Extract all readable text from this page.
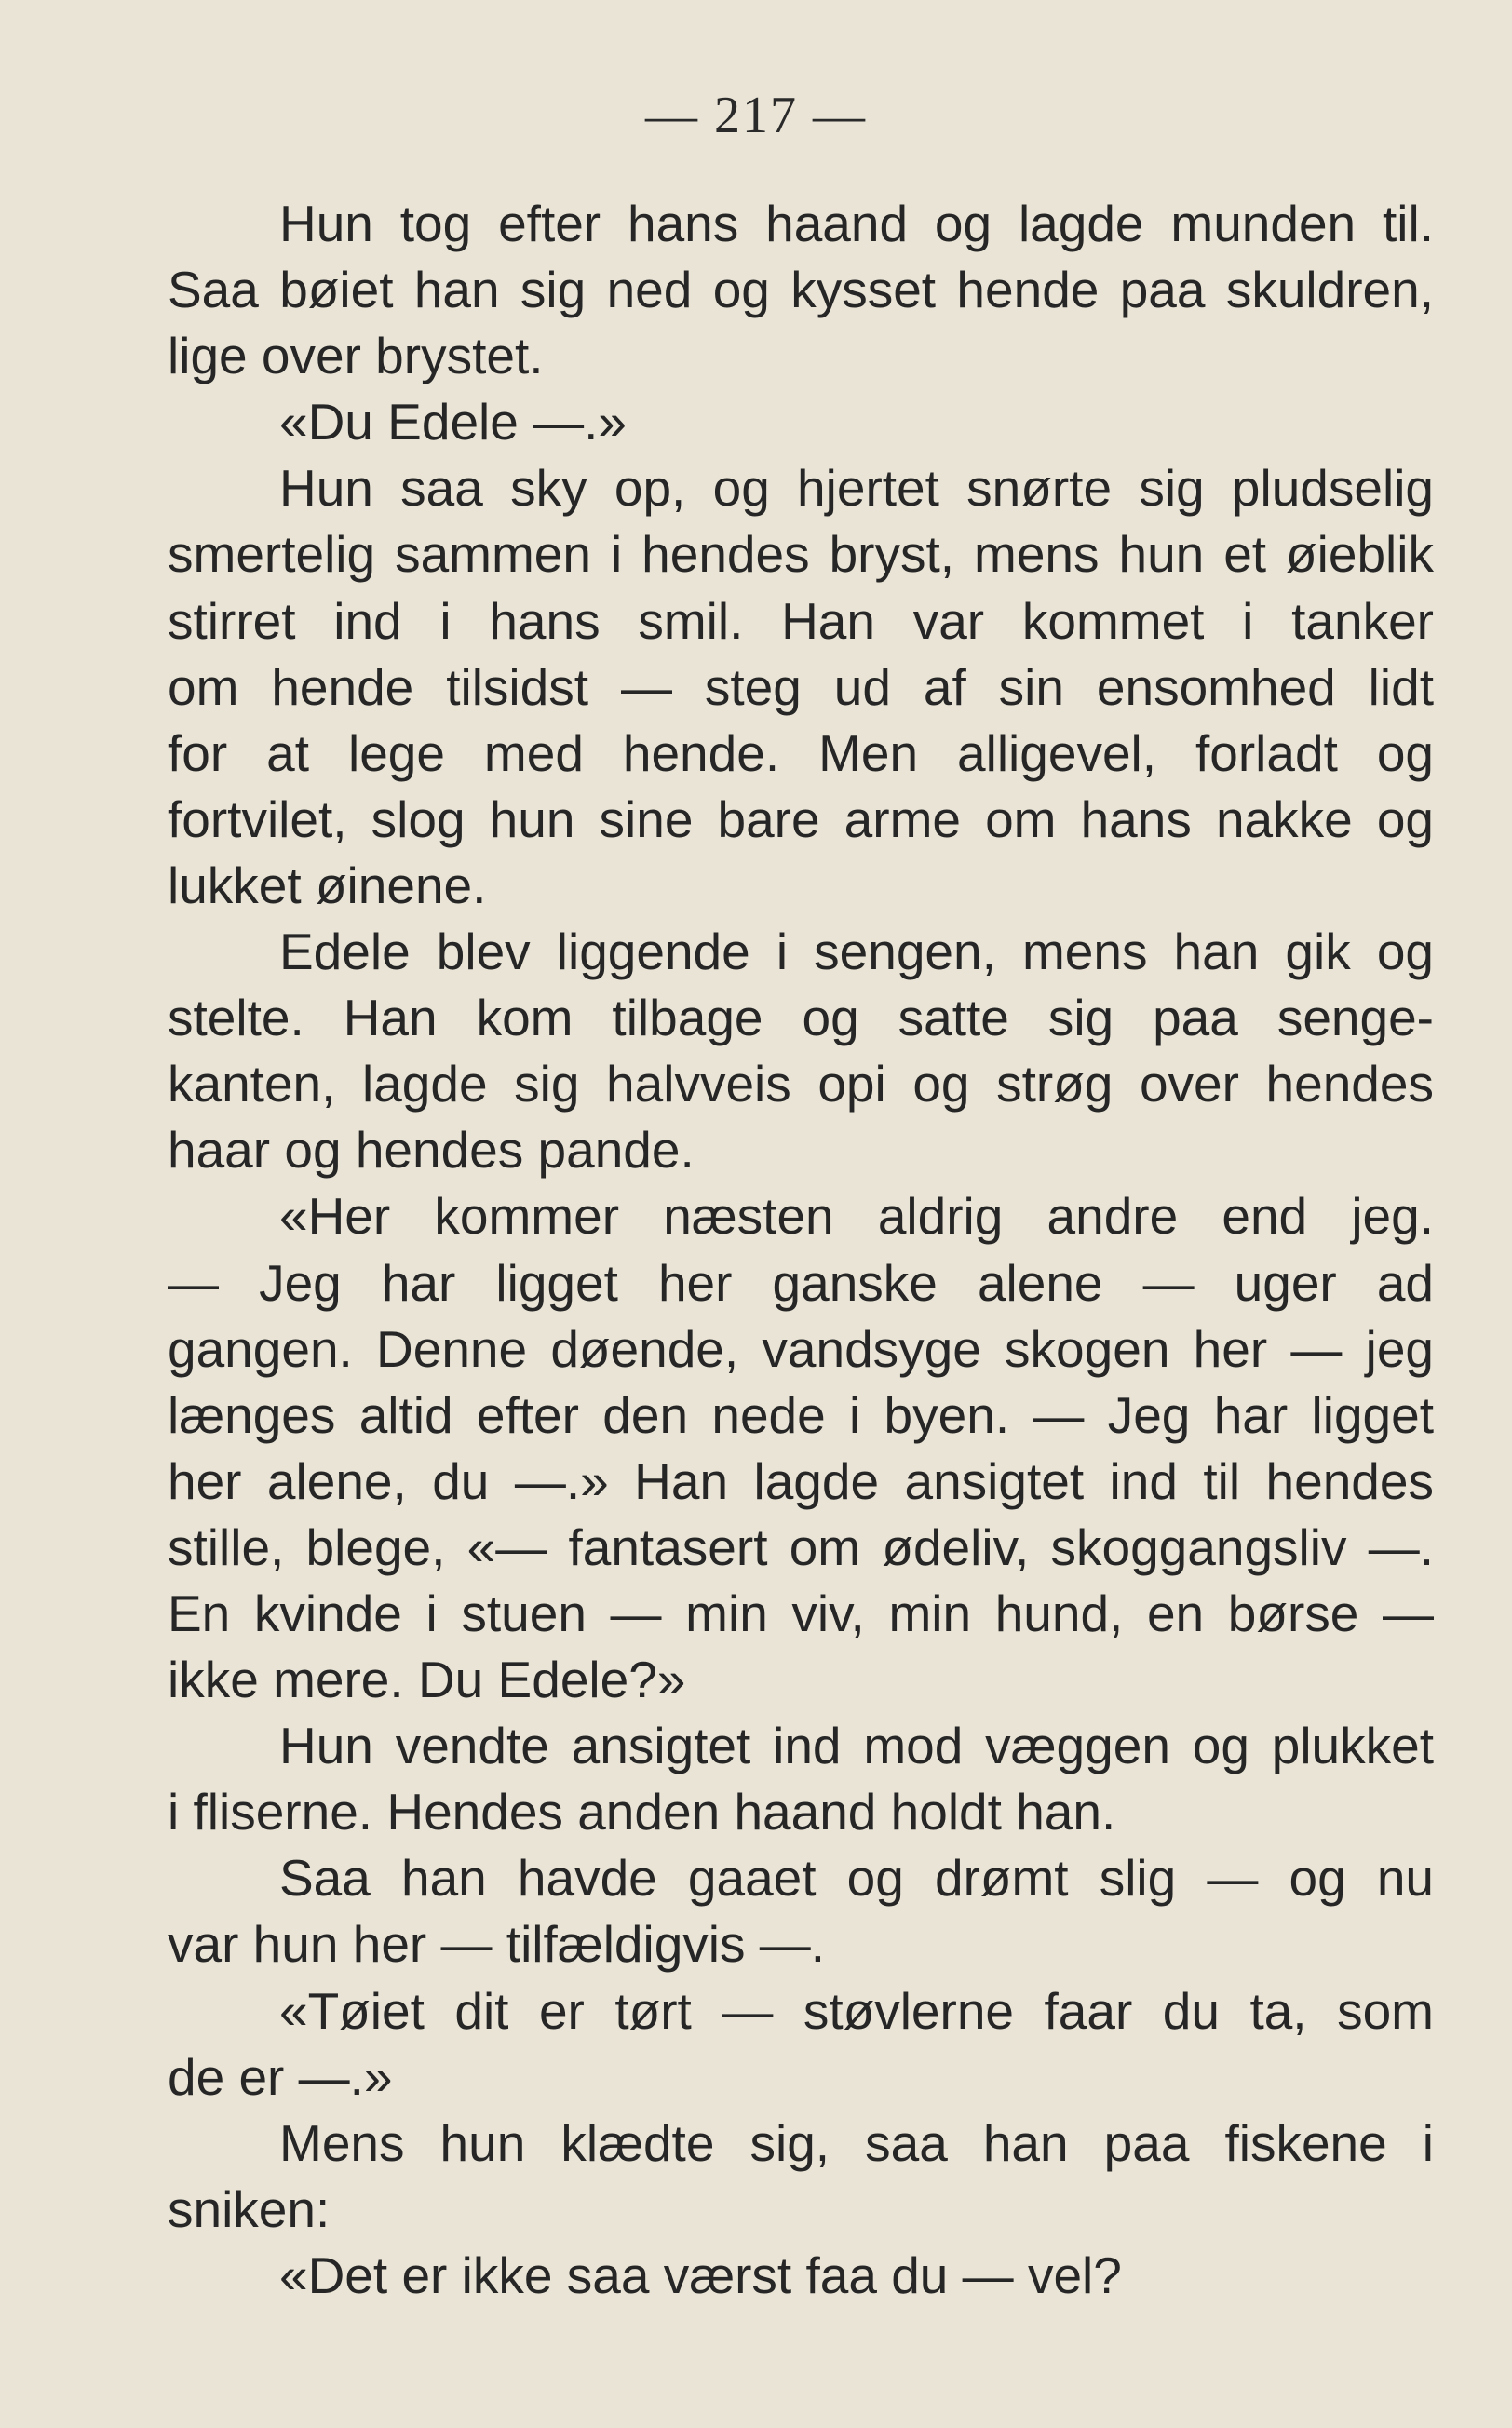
— 217 —
Hun tog efter hans haand og lagde munden til.
Saa bøiet han sig ned og kysset hende paa skuldren,
lige over brystet.
«Du Edele —.»
Hun saa sky op, og hjertet snørte sig pludselig
smertelig sammen i hendes bryst, mens hun et øieblik
stirret ind i hans smil. Han var kommet i tanker
om hende tilsidst — steg ud af sin ensomhed lidt
for at lege med hende. Men alligevel, forladt og
fortvilet, slog hun sine bare arme om hans nakke og
lukket øinene.
Edele blev liggende i sengen, mens han gik og
stelte. Han kom tilbage og satte sig paa senge-
kanten, lagde sig halvveis opi og strøg over hendes
haar og hendes pande.
«Her kommer næsten aldrig andre end jeg.
— Jeg har ligget her ganske alene — uger ad
gangen. Denne døende, vandsyge skogen her — jeg
længes altid efter den nede i byen. — Jeg har ligget
her alene, du —.» Han lagde ansigtet ind til hendes
stille, blege, «— fantasert om ødeliv, skoggangsliv —.
En kvinde i stuen — min viv, min hund, en børse —
ikke mere. Du Edele?»
Hun vendte ansigtet ind mod væggen og plukket
i fliserne. Hendes anden haand holdt han.
Saa han havde gaaet og drømt slig — og nu
var hun her — tilfældigvis —.
«Tøiet dit er tørt — støvlerne faar du ta, som
de er —.»
Mens hun klædte sig, saa han paa fiskene i
sniken:
«Det er ikke saa værst faa du — vel?
